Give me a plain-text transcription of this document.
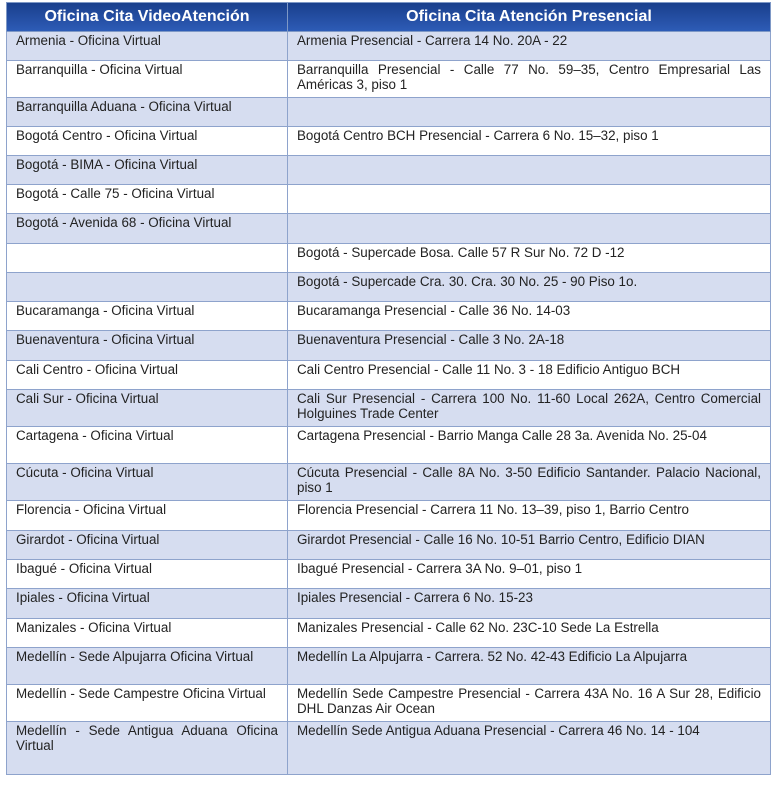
Oficina Cita VideoAtención	Oficina Cita Atención Presencial
Armenia - Oficina Virtual	Armenia Presencial - Carrera 14 No. 20A - 22
Barranquilla - Oficina Virtual	Barranquilla Presencial - Calle 77 No. 59–35, Centro Empresarial Las Américas 3, piso 1
Barranquilla Aduana - Oficina Virtual	
Bogotá Centro - Oficina Virtual	Bogotá Centro BCH Presencial - Carrera 6 No. 15–32, piso 1
Bogotá - BIMA - Oficina Virtual	
Bogotá - Calle 75 - Oficina Virtual	
Bogotá - Avenida 68 - Oficina Virtual	
	Bogotá - Supercade Bosa. Calle 57 R Sur No. 72 D -12
	Bogotá - Supercade Cra. 30. Cra. 30 No. 25 - 90 Piso 1o.
Bucaramanga - Oficina Virtual	Bucaramanga Presencial - Calle 36 No. 14-03
Buenaventura - Oficina Virtual	Buenaventura Presencial - Calle 3 No. 2A-18
Cali Centro - Oficina Virtual	Cali Centro Presencial - Calle 11 No. 3 - 18 Edificio Antiguo BCH
Cali Sur - Oficina Virtual	Cali Sur Presencial - Carrera 100 No. 11-60 Local 262A, Centro Comercial Holguines Trade Center
Cartagena - Oficina Virtual	Cartagena Presencial - Barrio Manga Calle 28 3a. Avenida No. 25-04
Cúcuta - Oficina Virtual	Cúcuta Presencial - Calle 8A No. 3-50 Edificio Santander. Palacio Nacional, piso 1
Florencia - Oficina Virtual	Florencia Presencial - Carrera 11 No. 13–39, piso 1, Barrio Centro
Girardot - Oficina Virtual	Girardot Presencial - Calle 16 No. 10-51 Barrio Centro, Edificio DIAN
Ibagué - Oficina Virtual	Ibagué Presencial - Carrera 3A No. 9–01, piso 1
Ipiales - Oficina Virtual	Ipiales Presencial - Carrera 6 No. 15-23
Manizales - Oficina Virtual	Manizales Presencial - Calle 62 No. 23C-10 Sede La Estrella
Medellín - Sede Alpujarra Oficina Virtual	Medellín La Alpujarra - Carrera. 52 No. 42-43 Edificio La Alpujarra
Medellín - Sede Campestre Oficina Virtual	Medellín Sede Campestre Presencial - Carrera 43A No. 16 A Sur 28, Edificio DHL Danzas Air Ocean
Medellín - Sede Antigua Aduana Oficina Virtual	Medellín Sede Antigua Aduana Presencial - Carrera 46 No. 14 - 104
